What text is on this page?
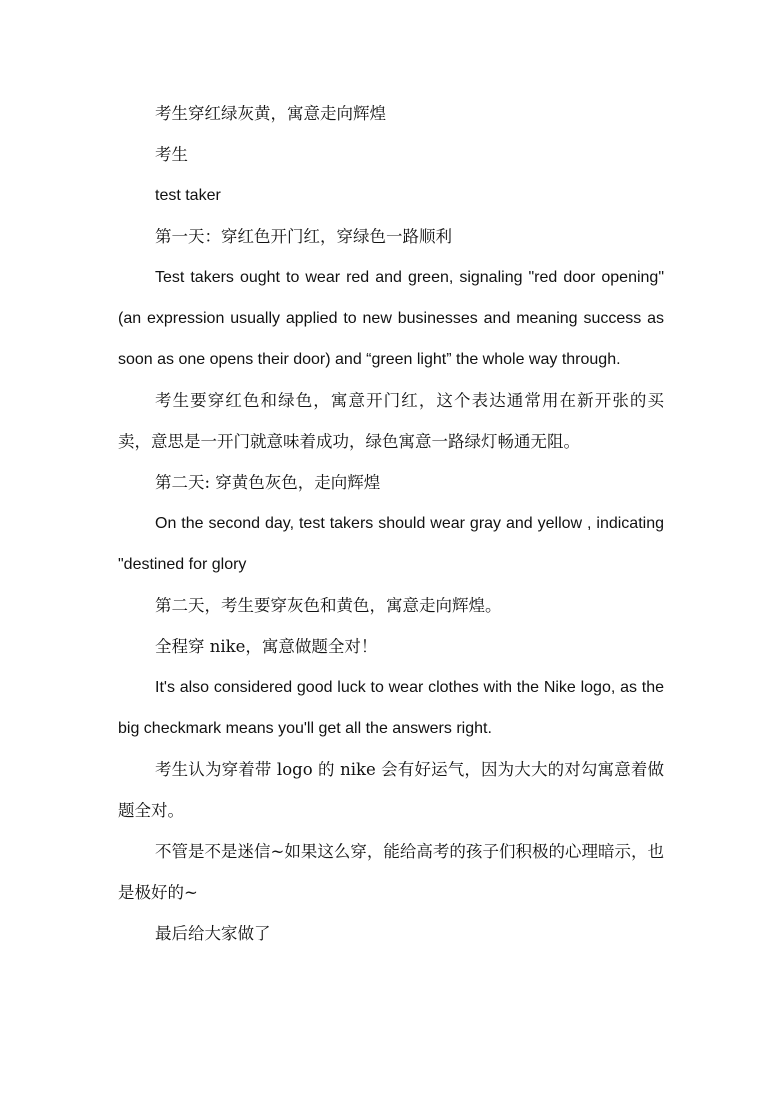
考生穿红绿灰黄，寓意走向辉煌

考生

test taker

第一天：穿红色开门红，穿绿色一路顺利

Test takers ought to wear red and green, signaling "red door opening" (an expression usually applied to new businesses and meaning success as soon as one opens their door) and “green light” the whole way through.

考生要穿红色和绿色，寓意开门红，这个表达通常用在新开张的买卖，意思是一开门就意味着成功，绿色寓意一路绿灯畅通无阻。

第二天: 穿黄色灰色，走向辉煌

On the second day, test takers should wear gray and yellow , indicating "destined for glory

第二天，考生要穿灰色和黄色，寓意走向辉煌。

全程穿 nike，寓意做题全对！

It's also considered good luck to wear clothes with the Nike logo, as the big checkmark means you'll get all the answers right.

考生认为穿着带 logo 的 nike 会有好运气，因为大大的对勾寓意着做题全对。

不管是不是迷信~如果这么穿，能给高考的孩子们积极的心理暗示，也是极好的~

最后给大家做了
